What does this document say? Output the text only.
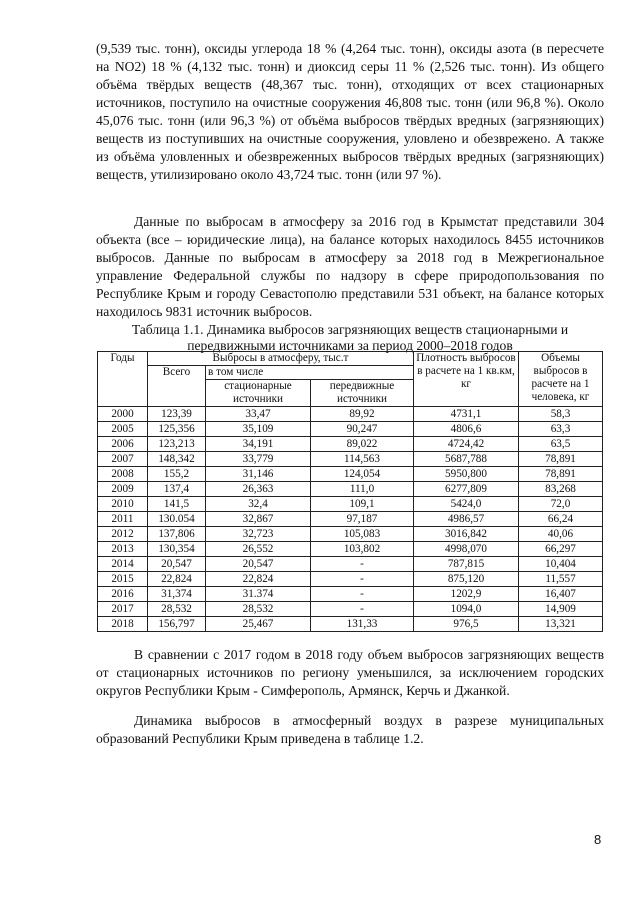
(9,539 тыс. тонн), оксиды углерода 18 % (4,264 тыс. тонн), оксиды азота (в пересчете на NO2) 18 % (4,132 тыс. тонн) и диоксид серы 11 % (2,526 тыс. тонн). Из общего объёма твёрдых веществ (48,367 тыс. тонн), отходящих от всех стационарных источников, поступило на очистные сооружения 46,808 тыс. тонн (или 96,8 %). Около 45,076 тыс. тонн (или 96,3 %) от объёма выбросов твёрдых вредных (загрязняющих) веществ из поступивших на очистные сооружения, уловлено и обезврежено. А также из объёма уловленных и обезвреженных выбросов твёрдых вредных (загрязняющих) веществ, утилизировано около 43,724 тыс. тонн (или 97 %).

Данные по выбросам в атмосферу за 2016 год в Крымстат представили 304 объекта (все – юридические лица), на балансе которых находилось 8455 источников выбросов. Данные по выбросам в атмосферу за 2018 год в Межрегиональное управление Федеральной службы по надзору в сфере природопользования по Республике Крым и городу Севастополю представили 531 объект, на балансе которых находилось 9831 источник выбросов.

Таблица 1.1. Динамика выбросов загрязняющих веществ стационарными и передвижными источниками за период 2000–2018 годов

Годы	Выбросы в атмосферу, тыс.т			Плотность выбросов в расчете на 1 кв.км, кг	Объемы выбросов в расчете на 1 человека, кг
	Всего	в том числе			
		стационарные источники	передвижные источники		
2000	123,39	33,47	89,92	4731,1	58,3
2005	125,356	35,109	90,247	4806,6	63,3
2006	123,213	34,191	89,022	4724,42	63,5
2007	148,342	33,779	114,563	5687,788	78,891
2008	155,2	31,146	124,054	5950,800	78,891
2009	137,4	26,363	111,0	6277,809	83,268
2010	141,5	32,4	109,1	5424,0	72,0
2011	130.054	32,867	97,187	4986,57	66,24
2012	137,806	32,723	105,083	3016,842	40,06
2013	130,354	26,552	103,802	4998,070	66,297
2014	20,547	20,547	-	787,815	10,404
2015	22,824	22,824	-	875,120	11,557
2016	31,374	31.374	-	1202,9	16,407
2017	28,532	28,532	-	1094,0	14,909
2018	156,797	25,467	131,33	976,5	13,321

В сравнении с 2017 годом в 2018 году объем выбросов загрязняющих веществ от стационарных источников по региону уменьшился, за исключением городских округов Республики Крым - Симферополь, Армянск, Керчь и Джанкой.

Динамика выбросов в атмосферный воздух в разрезе муниципальных образований Республики Крым приведена в таблице 1.2.

8
